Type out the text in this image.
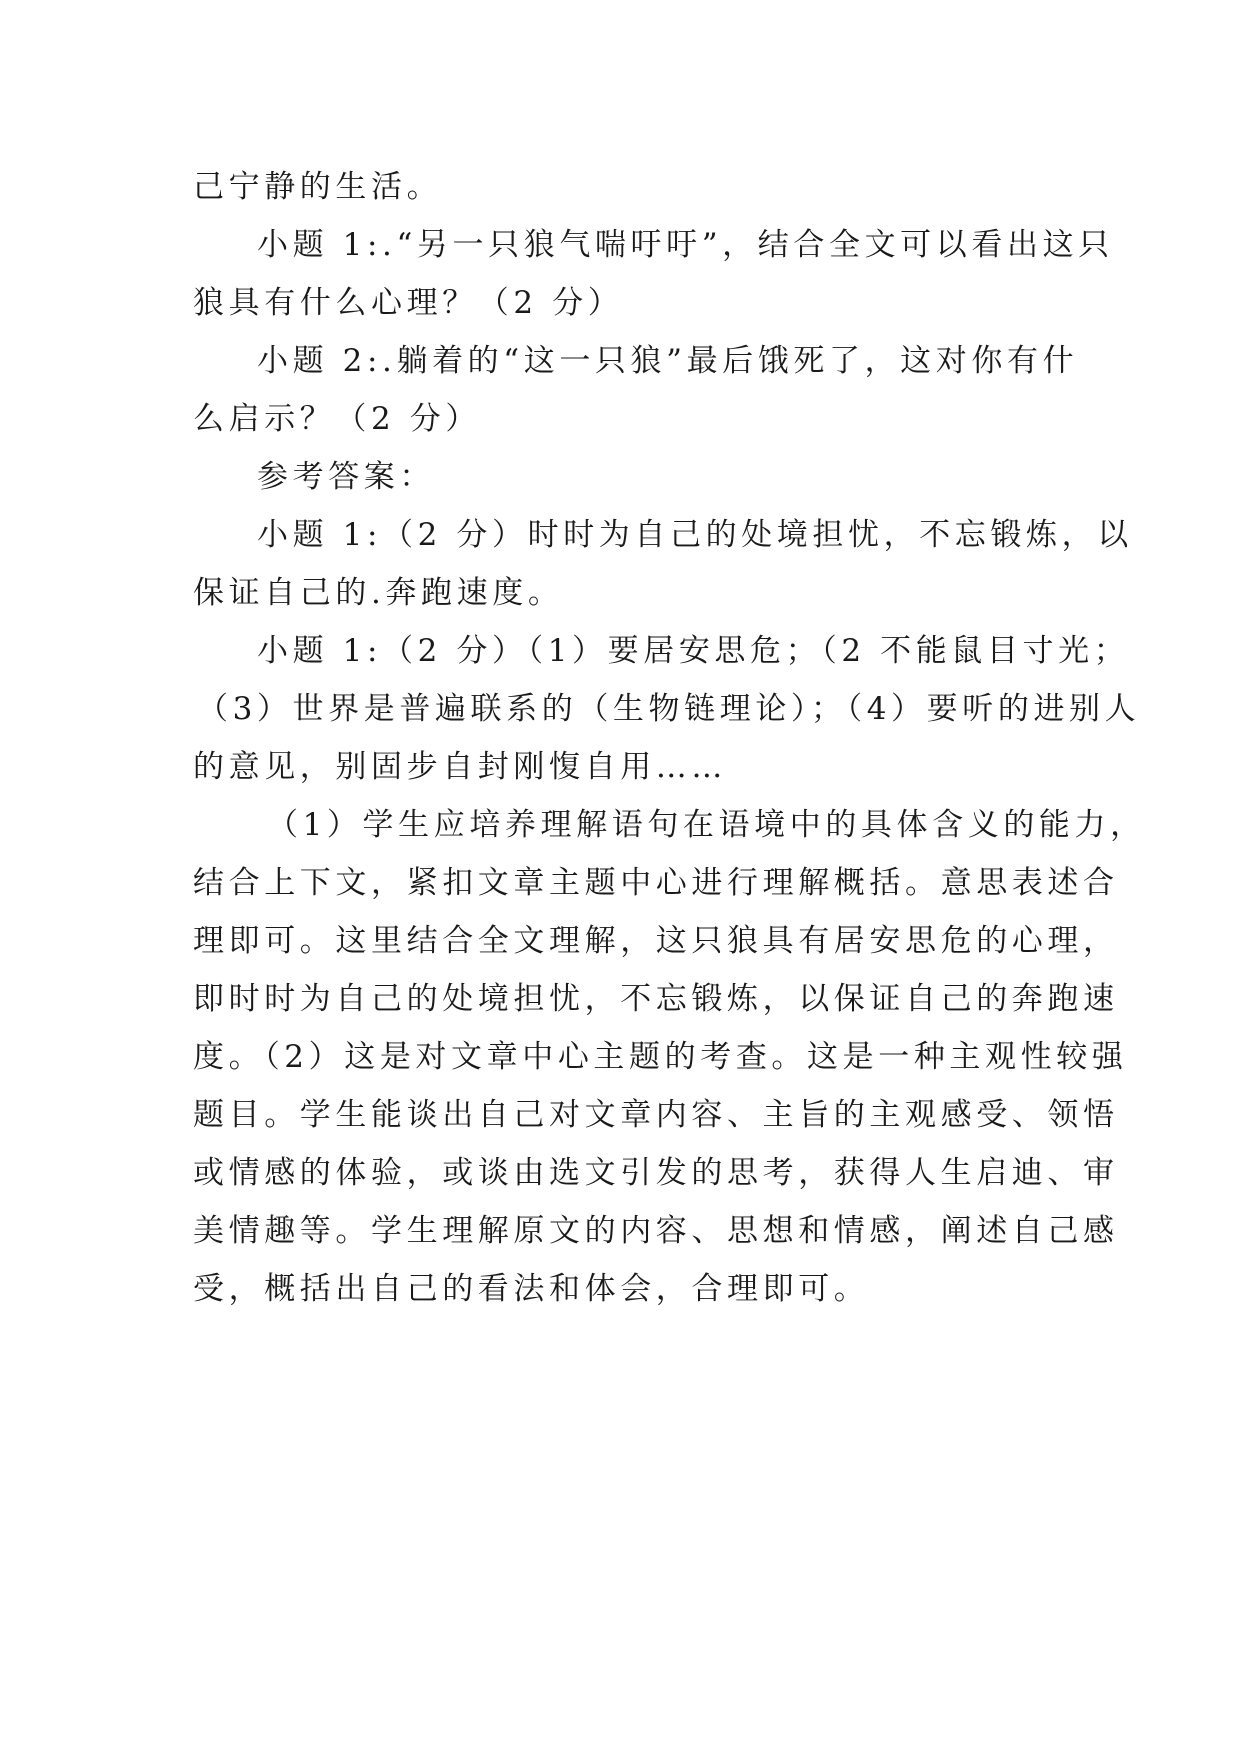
己宁静的生活。
小题 1:.“另一只狼气喘吁吁”，结合全文可以看出这只
狼具有什么心理？（2 分）
小题 2:.躺着的“这一只狼”最后饿死了，这对你有什
么启示？（2 分）
参考答案：
小题 1:（2 分）时时为自己的处境担忧，不忘锻炼，以
保证自己的.奔跑速度。
小题 1:（2 分）（1）要居安思危；（2 不能鼠目寸光；
（3）世界是普遍联系的（生物链理论）；（4）要听的进别人
的意见，别固步自封刚愎自用……
（1）学生应培养理解语句在语境中的具体含义的能力，
结合上下文，紧扣文章主题中心进行理解概括。意思表述合
理即可。这里结合全文理解，这只狼具有居安思危的心理，
即时时为自己的处境担忧，不忘锻炼，以保证自己的奔跑速
度。（2）这是对文章中心主题的考查。这是一种主观性较强
题目。学生能谈出自己对文章内容、主旨的主观感受、领悟
或情感的体验，或谈由选文引发的思考，获得人生启迪、审
美情趣等。学生理解原文的内容、思想和情感，阐述自己感
受，概括出自己的看法和体会，合理即可。
